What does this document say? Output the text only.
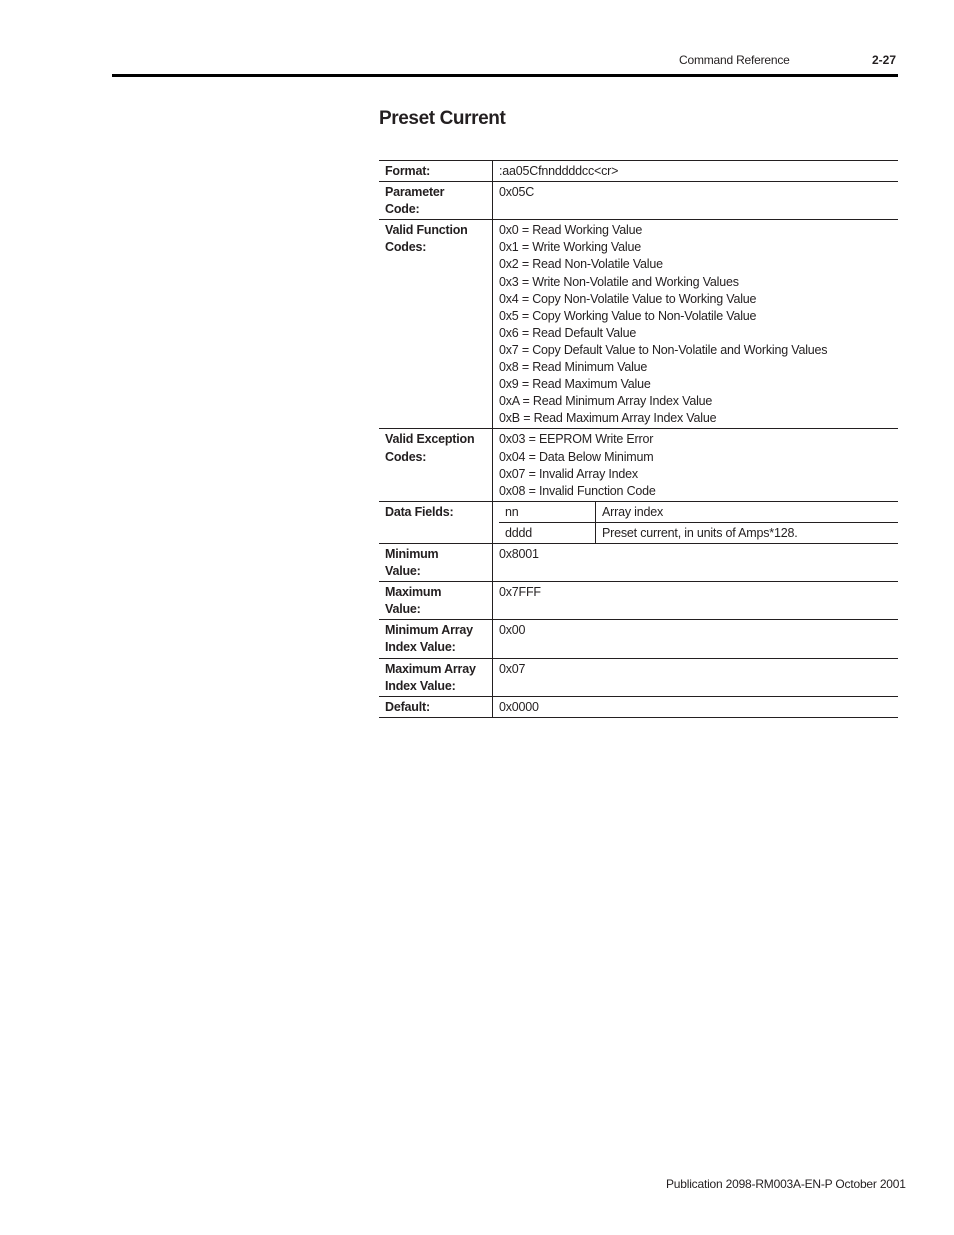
Command Reference	2-27
Preset Current
Format:	:aa05Cfnnddddcc<cr>

Parameter
Code:
	0x05C

Valid Function
Codes:

0x0 = Read Working Value
0x1 = Write Working Value
0x2 = Read Non-Volatile Value
0x3 = Write Non-Volatile and Working Values
0x4 = Copy Non-Volatile Value to Working Value
0x5 = Copy Working Value to Non-Volatile Value
0x6 = Read Default Value
0x7 = Copy Default Value to Non-Volatile and Working Values
0x8 = Read Minimum Value
0x9 = Read Maximum Value
0xA = Read Minimum Array Index Value
0xB = Read Maximum Array Index Value

Valid Exception
Codes:

0x03 = EEPROM Write Error
0x04 = Data Below Minimum
0x07 = Invalid Array Index
0x08 = Invalid Function Code

Data Fields:		nn	Array index
dddd	Preset current, in units of Amps*128.

Minimum
Value:
	0x8001

Maximum
Value:
	0x7FFF

Minimum Array
Index Value:
	0x00

Maximum Array
Index Value:
	0x07
Default:	0x0000
Publication 2098-RM003A-EN-P October 2001
